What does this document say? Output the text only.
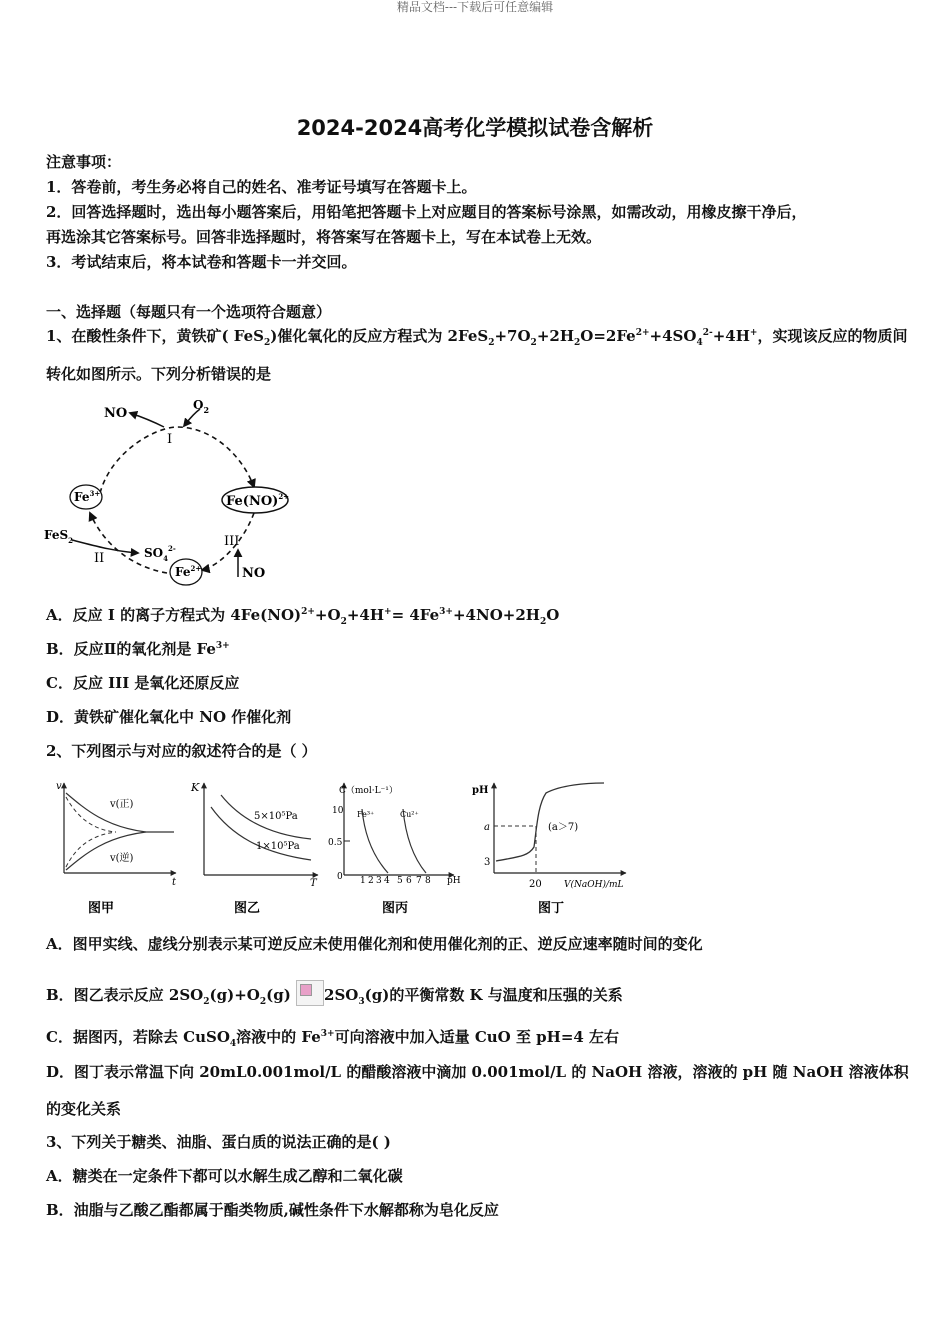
精品文档---下载后可任意编辑
2024-2024高考化学模拟试卷含解析
注意事项：
1．答卷前，考生务必将自己的姓名、准考证号填写在答题卡上。
2．回答选择题时，选出每小题答案后，用铅笔把答题卡上对应题目的答案标号涂黑，如需改动，用橡皮擦干净后，
再选涂其它答案标号。回答非选择题时，将答案写在答题卡上，写在本试卷上无效。
3．考试结束后，将本试卷和答题卡一并交回。
一、选择题（每题只有一个选项符合题意）
1、在酸性条件下，黄铁矿( FeS$_2$)催化氧化的反应方程式为 $2FeS_2+7O_2+2H_2O=2Fe^{2+}+4SO_4^{2-}+4H^+$，实现该反应的物质间
转化如图所示。下列分析错误的是
NO
$O_2$
I
$Fe^{3+}$
Fe(NO)$^{2+}$
$Fe^{2+}$
FeS$_2$
$SO_4^{2-}$
II
III
NO
A．反应 I 的离子方程式为 $4Fe(NO)^{2+}+O_2+4H^+= 4Fe^{3+}+4NO+2H_2O$
B．反应Ⅱ的氧化剂是 $Fe^{3+}$
C．反应 III 是氧化还原反应
D．黄铁矿催化氧化中 NO 作催化剂
2、下列图示与对应的叙述符合的是（ ）
v
t
v(正)
v(逆)
图甲
K
T
5×10⁵Pa
1×10⁵Pa
图乙
C（mol·L⁻¹）
pH
10
0.5
0 1 2 3 4 5 6 7 8
Fe³⁺	Cu²⁺
图丙
pH
V(NaOH)/mL
a
3
20
(a＞7)
图丁
A．图甲实线、虚线分别表示某可逆反应未使用催化剂和使用催化剂的正、逆反应速率随时间的变化
B．图乙表示反应 $2SO_2(g)+O_2(g)$ $2SO_3(g)$的平衡常数 K 与温度和压强的关系
C．据图丙，若除去 CuSO$_4$溶液中的 $Fe^{3+}$可向溶液中加入适量 CuO 至 pH=4 左右
D．图丁表示常温下向 20mL0.001mol/L 的醋酸溶液中滴加 0.001mol/L 的 NaOH 溶液，溶液的 pH 随 NaOH 溶液体积
的变化关系
3、下列关于糖类、油脂、蛋白质的说法正确的是( )
A．糖类在一定条件下都可以水解生成乙醇和二氧化碳
B．油脂与乙酸乙酯都属于酯类物质,碱性条件下水解都称为皂化反应
